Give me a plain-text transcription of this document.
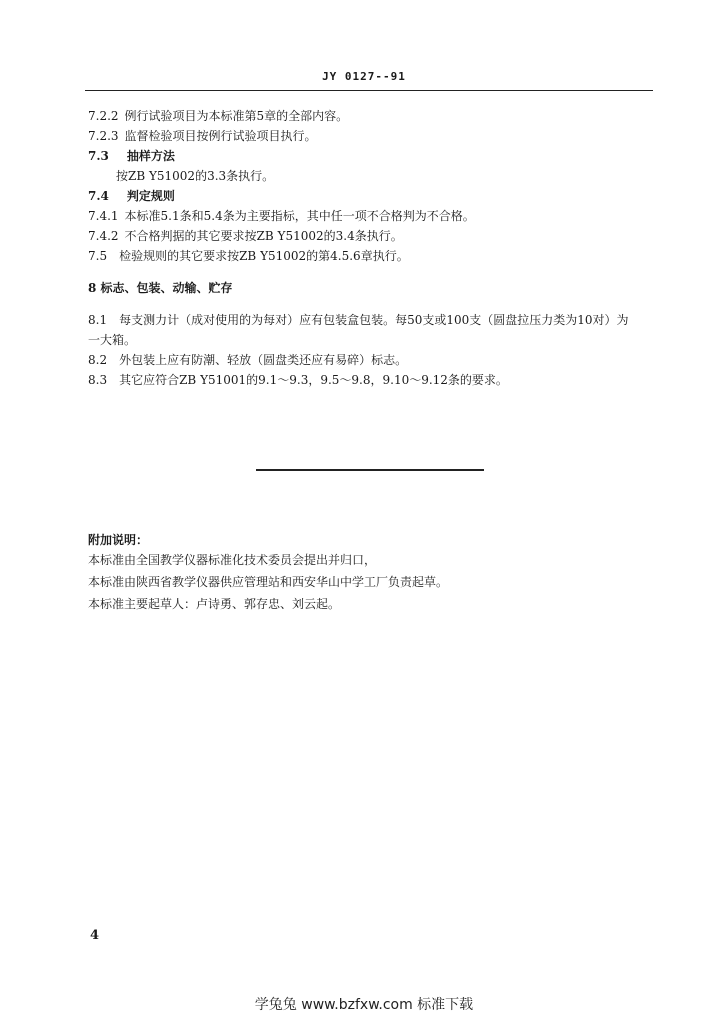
JY 0127--91
7.2.2 例行试验项目为本标准第5章的全部内容。
7.2.3 监督检验项目按例行试验项目执行。
7.3 抽样方法
按ZB Y51002的3.3条执行。
7.4 判定规则
7.4.1 本标准5.1条和5.4条为主要指标，其中任一项不合格判为不合格。
7.4.2 不合格判据的其它要求按ZB Y51002的3.4条执行。
7.5 检验规则的其它要求按ZB Y51002的第4.5.6章执行。
8 标志、包装、动输、贮存
8.1 每支测力计（成对使用的为每对）应有包装盒包装。每50支或100支（圆盘拉压力类为10对）为
一大箱。
8.2 外包装上应有防潮、轻放（圆盘类还应有易碎）标志。
8.3 其它应符合ZB Y51001的9.1～9.3，9.5～9.8，9.10～9.12条的要求。
附加说明：
本标准由全国教学仪器标准化技术委员会提出并归口，
本标准由陕西省教学仪器供应管理站和西安华山中学工厂负责起草。
本标准主要起草人：卢诗勇、郭存忠、刘云起。
4
学兔兔 www.bzfxw.com 标准下载
